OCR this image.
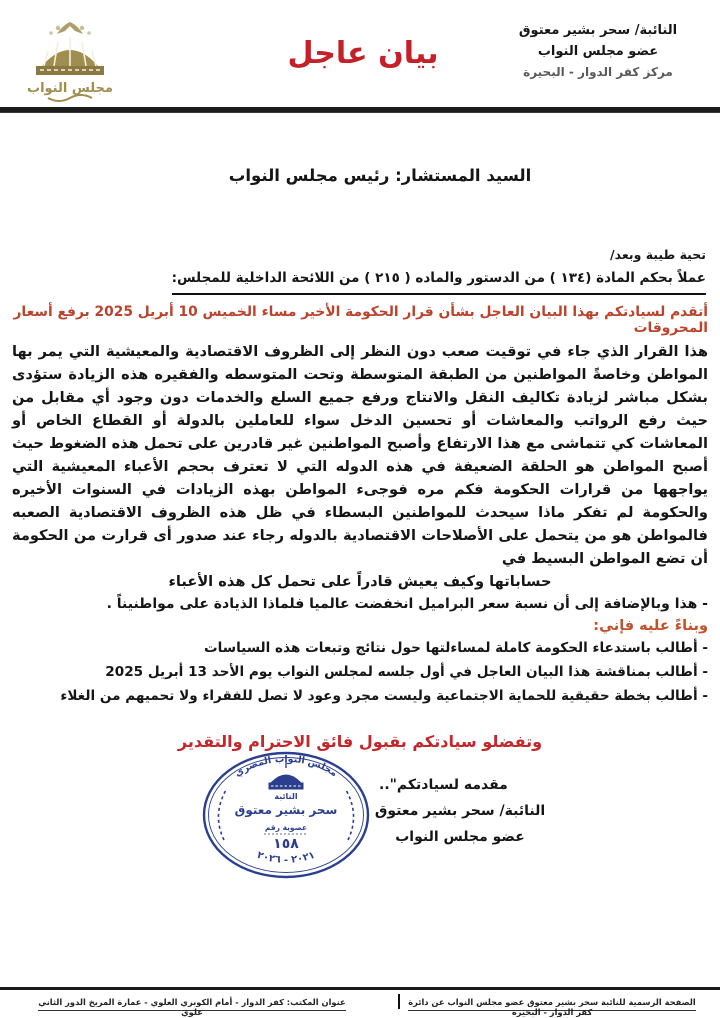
النائبة/ سحر بشير معتوق
عضو مجلس النواب
مركز كفر الدوار - البحيرة
بيان عاجل
مجلس النواب
السيد المستشار: رئيس مجلس النواب
تحية طيبة وبعد/
عملاً بحكم المادة (١٣٤ ) من الدستور والماده ( ٢١٥ ) من اللائحة الداخلية للمجلس:

أتقدم لسيادتكم بهذا البيان العاجل بشأن قرار الحكومة الأخير مساء الخميس 10 أبريل 2025 برفع أسعار المحروقات

هذا القرار الذي جاء في توقيت صعب دون النظر إلى الظروف الاقتصادية والمعيشية التي يمر بها المواطن وخاصةً المواطنين من الطبقة المتوسطة وتحت المتوسطه والفقيره هذه الزيادة ستؤدى بشكل مباشر لزيادة تكاليف النقل والانتاج ورفع جميع السلع والخدمات دون وجود أي مقابل من حيث رفع الرواتب والمعاشات أو تحسين الدخل سواء للعاملين بالدولة أو القطاع الخاص أو المعاشات كي تتماشى مع هذا الارتفاع وأصبح المواطنين غير قادرين على تحمل هذه الضغوط حيث أصبح المواطن هو الحلقة الضعيفة في هذه الدوله التي لا تعترف بحجم الأعباء المعيشية التي يواجهها من قرارات الحكومة فكم مره فوجىء المواطن بهذه الزيادات في السنوات الأخيره والحكومة لم تفكر ماذا سيحدث للمواطنين البسطاء في ظل هذه الظروف الاقتصادية الصعبه فالمواطن هو من يتحمل على الأصلاحات الاقتصادية بالدوله رجاء عند صدور أى قرارت من الحكومة أن تضع المواطن البسيط في

حساباتها وكيف يعيش قادراً على تحمل كل هذه الأعباء

- هذا وبالإضافة إلى أن نسبة سعر البراميل انخفضت عالميا فلماذا الذيادة على مواطنيناً .

وبناءً عليه فإني:
- أطالب باستدعاء الحكومة كاملة لمساءلتها حول نتائج وتبعات هذه السياسات
- أطالب بمناقشة هذا البيان العاجل في أول جلسه لمجلس النواب يوم الأحد 13 أبريل 2025
- أطالب بخطة حقيقية للحماية الاجتماعية وليست مجرد وعود لا تصل للفقراء ولا تحميهم من الغلاء
وتفضلو سيادتكم بقبول فائق الاحترام والتقدير
مجلس النواب المصري
النائبة
سحر بشير معتوق
عضوية رقم
١٥٨
٢٠٢١ - ٢٠٢٦
مقدمه لسيادتكم"..
النائبة/ سحر بشير معتوق
عضو مجلس النواب
الصفحة الرسمية للنائبة سحر بشير معتوق عضو مجلس النواب عن دائرة كفر الدوار - البحيرة
عنوان المكتب: كفر الدوار - أمام الكوبري العلوي - عمارة المريخ الدور الثاني علوي
